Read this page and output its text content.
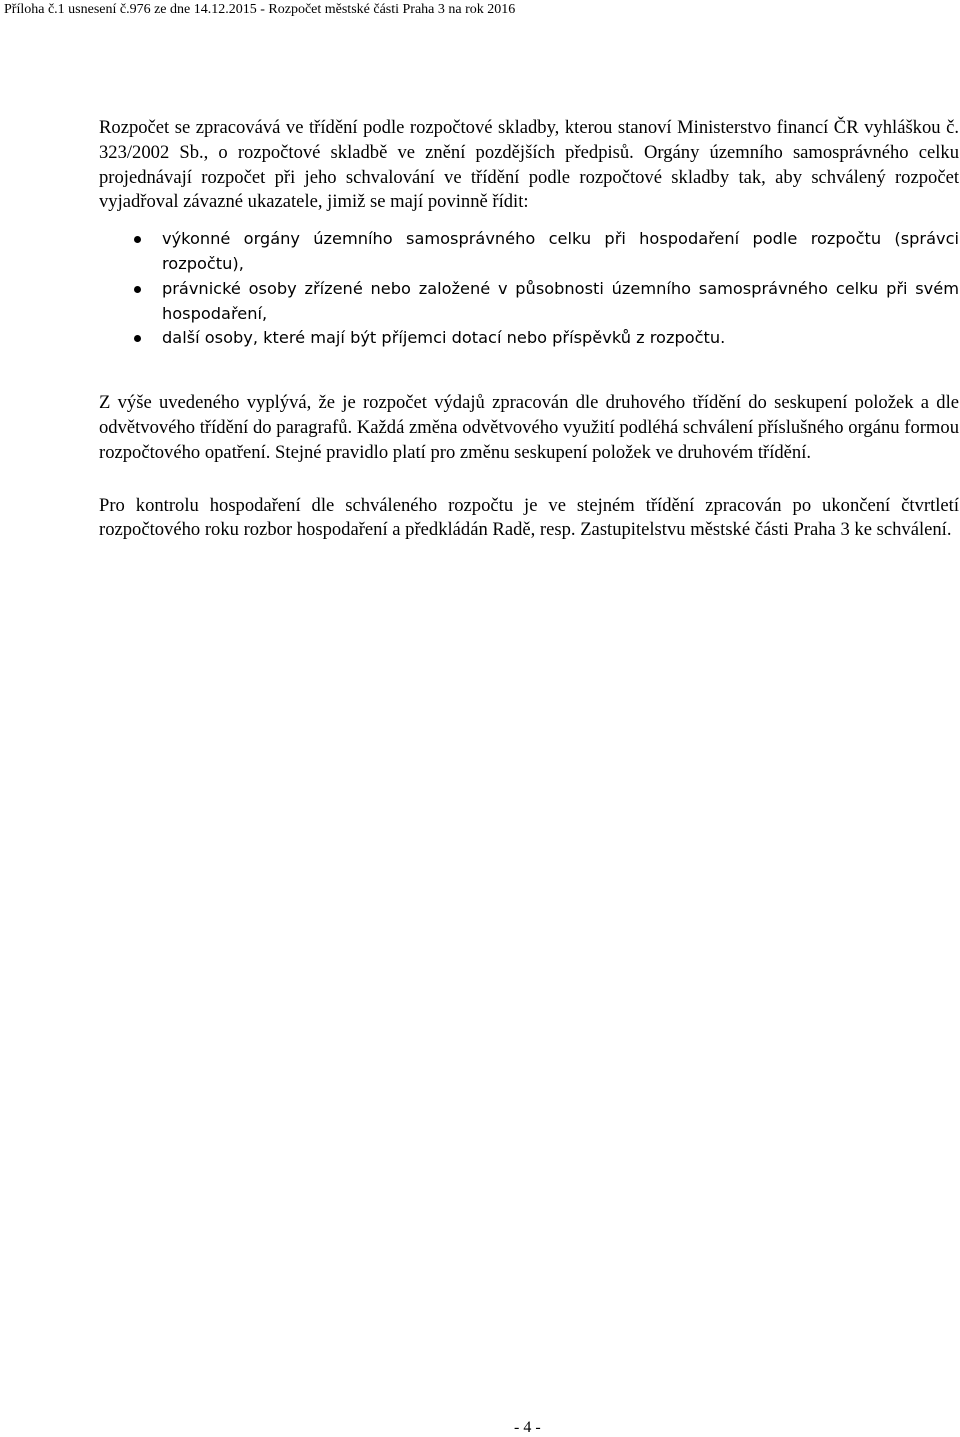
Příloha č.1 usnesení č.976 ze dne 14.12.2015 - Rozpočet městské části Praha 3 na rok 2016

Rozpočet se zpracovává ve třídění podle rozpočtové skladby, kterou stanoví Ministerstvo financí ČR vyhláškou č. 323/2002 Sb., o rozpočtové skladbě ve znění pozdějších předpisů. Orgány územního samosprávného celku projednávají rozpočet při jeho schvalování ve třídění podle rozpočtové skladby tak, aby schválený rozpočet vyjadřoval závazné ukazatele, jimiž se mají povinně řídit:

výkonné orgány územního samosprávného celku při hospodaření podle rozpočtu (správci rozpočtu),
právnické osoby zřízené nebo založené v působnosti územního samosprávného celku při svém hospodaření,
další osoby, které mají být příjemci dotací nebo příspěvků z rozpočtu.

Z výše uvedeného vyplývá, že je rozpočet výdajů zpracován dle druhového třídění do seskupení položek a dle odvětvového třídění do paragrafů. Každá změna odvětvového využití podléhá schválení příslušného orgánu formou rozpočtového opatření. Stejné pravidlo platí pro změnu seskupení položek ve druhovém třídění.

Pro kontrolu hospodaření dle schváleného rozpočtu je ve stejném třídění zpracován po ukončení čtvrtletí rozpočtového roku rozbor hospodaření a předkládán Radě, resp. Zastupitelstvu městské části Praha 3 ke schválení.

- 4 -
